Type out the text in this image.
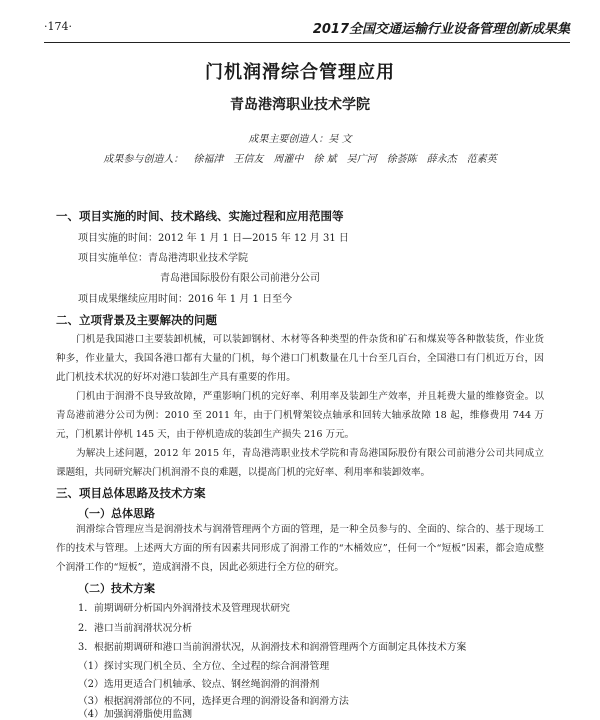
·174·	2017全国交通运输行业设备管理创新成果集
门机润滑综合管理应用
青岛港湾职业技术学院
成果主要创造人：吴 文
成果参与创造人： 徐福津 王信友 周灌中 徐 斌 吴广河 徐荟陈 薛永杰 范素英
一、项目实施的时间、技术路线、实施过程和应用范围等
项目实施的时间：2012 年 1 月 1 日—2015 年 12 月 31 日
项目实施单位：青岛港湾职业技术学院
青岛港国际股份有限公司前港分公司
项目成果继续应用时间：2016 年 1 月 1 日至今
二、立项背景及主要解决的问题
门机是我国港口主要装卸机械，可以装卸钢材、木材等各种类型的件杂货和矿石和煤炭等各种散装货，作业货种多，作业量大，我国各港口都有大量的门机，每个港口门机数量在几十台至几百台，全国港口有门机近万台，因此门机技术状况的好坏对港口装卸生产具有重要的作用。
门机由于润滑不良导致故障，严重影响门机的完好率、利用率及装卸生产效率，并且耗费大量的维修资金。以青岛港前港分公司为例：2010 至 2011 年，由于门机臂架铰点轴承和回转大轴承故障 18 起，维修费用 744 万元，门机累计停机 145 天，由于停机造成的装卸生产损失 216 万元。
为解决上述问题，2012 年 2015 年，青岛港湾职业技术学院和青岛港国际股份有限公司前港分公司共同成立课题组，共同研究解决门机润滑不良的难题，以提高门机的完好率、利用率和装卸效率。
三、项目总体思路及技术方案
（一）总体思路
润滑综合管理应当是润滑技术与润滑管理两个方面的管理，是一种全员参与的、全面的、综合的、基于现场工作的技术与管理。上述两大方面的所有因素共同形成了润滑工作的“木桶效应”，任何一个“短板”因素，都会造成整个润滑工作的“短板”，造成润滑不良，因此必须进行全方位的研究。
（二）技术方案
1．前期调研分析国内外润滑技术及管理现状研究
2．港口当前润滑状况分析
3．根据前期调研和港口当前润滑状况，从润滑技术和润滑管理两个方面制定具体技术方案
（1）探讨实现门机全员、全方位、全过程的综合润滑管理
（2）选用更适合门机轴承、铰点、钢丝绳润滑的润滑剂
（3）根据润滑部位的不同，选择更合理的润滑设备和润滑方法
（4）加强润滑脂使用监测
